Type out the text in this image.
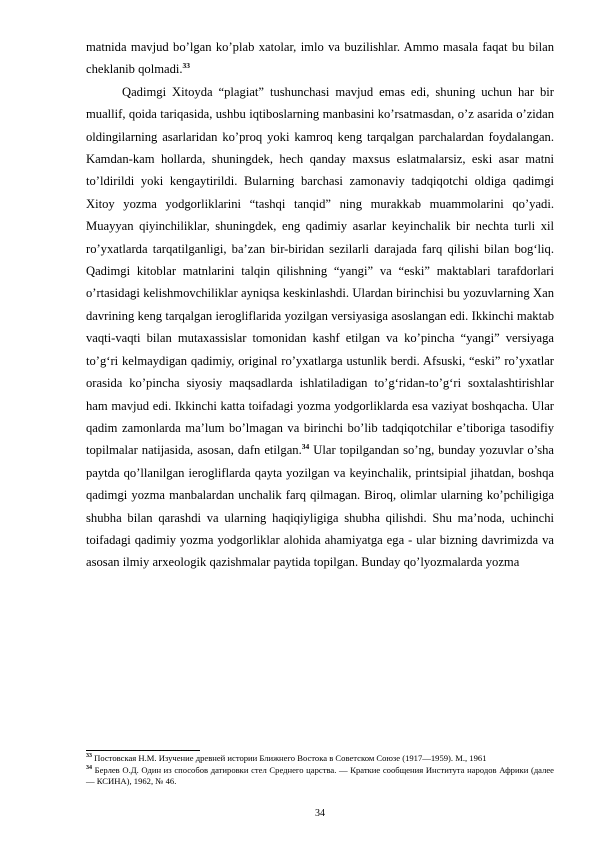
matnida mavjud bo’lgan ko’plab xatolar, imlo va buzilishlar. Ammo masala faqat bu bilan cheklanib qolmadi.$^{33}$

Qadimgi Xitoyda “plagiat” tushunchasi mavjud emas edi, shuning uchun har bir muallif, qoida tariqasida, ushbu iqtiboslarning manbasini ko’rsatmasdan, o’z asarida o’zidan oldingilarning asarlaridan ko’proq yoki kamroq keng tarqalgan parchalardan foydalangan. Kamdan-kam hollarda, shuningdek, hech qanday maxsus eslatmalarsiz, eski asar matni to’ldirildi yoki kengaytirildi. Bularning barchasi zamonaviy tadqiqotchi oldiga qadimgi Xitoy yozma yodgorliklarini “tashqi tanqid” ning murakkab muammolarini qo’yadi. Muayyan qiyinchiliklar, shuningdek, eng qadimiy asarlar keyinchalik bir nechta turli xil ro’yxatlarda tarqatilganligi, ba’zan bir-biridan sezilarli darajada farq qilishi bilan bog‘liq. Qadimgi kitoblar matnlarini talqin qilishning “yangi” va “eski” maktablari tarafdorlari o’rtasidagi kelishmovchiliklar ayniqsa keskinlashdi. Ulardan birinchisi bu yozuvlarning Xan davrining keng tarqalgan ierogliflarida yozilgan versiyasiga asoslangan edi. Ikkinchi maktab vaqti-vaqti bilan mutaxassislar tomonidan kashf etilgan va ko’pincha “yangi” versiyaga to’g‘ri kelmaydigan qadimiy, original ro’yxatlarga ustunlik berdi. Afsuski, “eski” ro’yxatlar orasida ko’pincha siyosiy maqsadlarda ishlatiladigan to’g‘ridan-to’g‘ri soxtalashtirishlar ham mavjud edi. Ikkinchi katta toifadagi yozma yodgorliklarda esa vaziyat boshqacha. Ular qadim zamonlarda ma’lum bo’lmagan va birinchi bo’lib tadqiqotchilar e’tiboriga tasodifiy topilmalar natijasida, asosan, dafn etilgan.$^{34}$ Ular topilgandan so’ng, bunday yozuvlar o’sha paytda qo’llanilgan ierogliflarda qayta yozilgan va keyinchalik, printsipial jihatdan, boshqa qadimgi yozma manbalardan unchalik farq qilmagan. Biroq, olimlar ularning ko’pchiligiga shubha bilan qarashdi va ularning haqiqiyligiga shubha qilishdi. Shu ma’noda, uchinchi toifadagi qadimiy yozma yodgorliklar alohida ahamiyatga ega - ular bizning davrimizda va asosan ilmiy arxeologik qazishmalar paytida topilgan. Bunday qo’lyozmalarda yozma

$^{33}$ Постовская Н.М. Изучение древней истории Ближнего Востока в Советском Союзе (1917—1959). М., 1961

$^{34}$ Берлев О.Д. Один из способов датировки стел Среднего царства. — Краткие сообщения Института народов Африки (далее — КСИНА), 1962, № 46.

34
